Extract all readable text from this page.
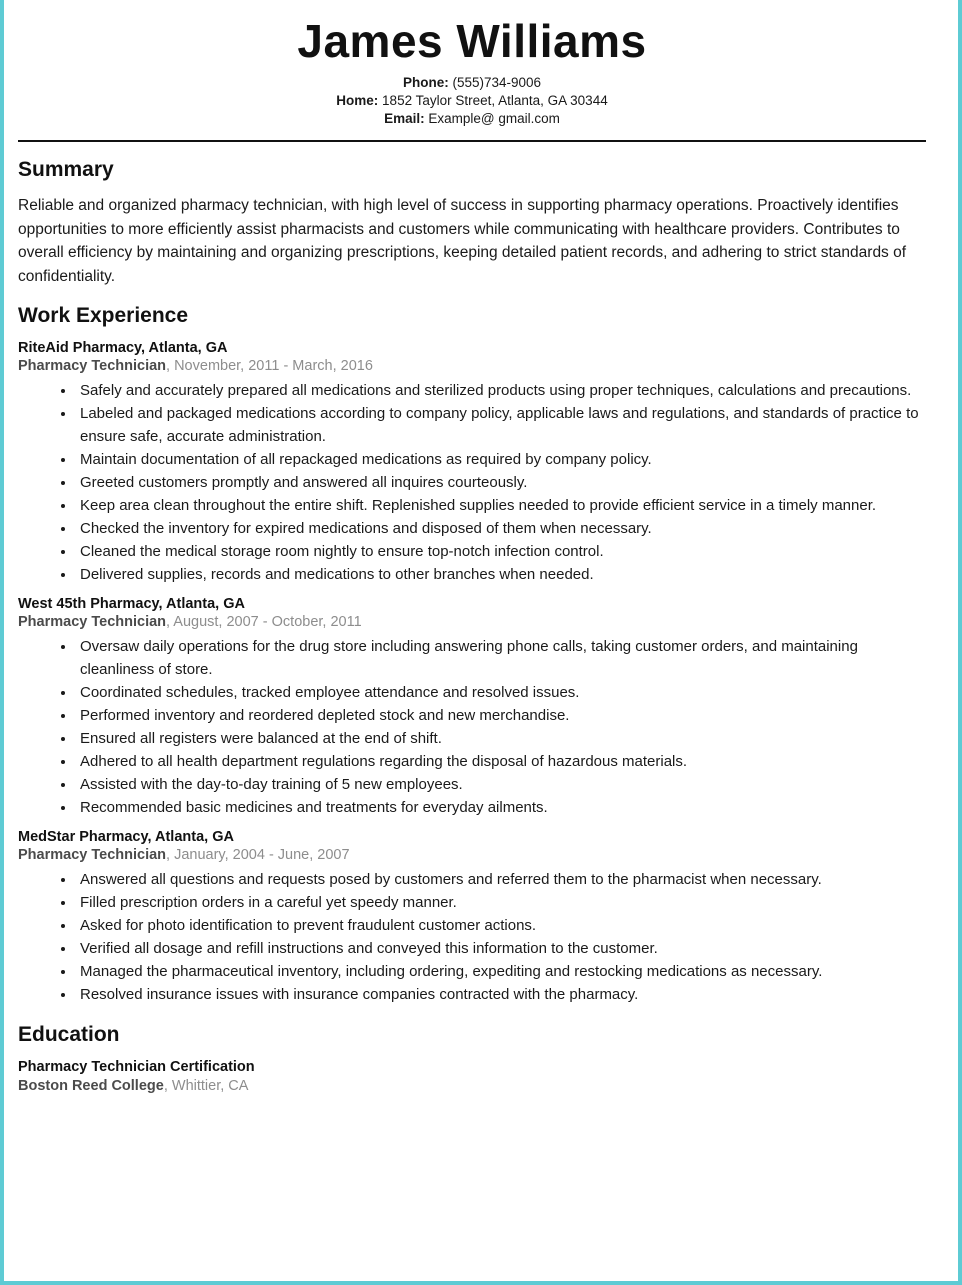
James Williams
Phone: (555)734-9006
Home: 1852 Taylor Street, Atlanta, GA 30344
Email: Example@ gmail.com
Summary

Reliable and organized pharmacy technician, with high level of success in supporting pharmacy operations. Proactively identifies opportunities to more efficiently assist pharmacists and customers while communicating with healthcare providers. Contributes to overall efficiency by maintaining and organizing prescriptions, keeping detailed patient records, and adhering to strict standards of confidentiality.

Work Experience
RiteAid Pharmacy, Atlanta, GA
Pharmacy Technician, November, 2011 - March, 2016
• Safely and accurately prepared all medications and sterilized products using proper techniques, calculations and precautions.
• Labeled and packaged medications according to company policy, applicable laws and regulations, and standards of practice to ensure safe, accurate administration.
• Maintain documentation of all repackaged medications as required by company policy.
• Greeted customers promptly and answered all inquires courteously.
• Keep area clean throughout the entire shift. Replenished supplies needed to provide efficient service in a timely manner.
• Checked the inventory for expired medications and disposed of them when necessary.
• Cleaned the medical storage room nightly to ensure top-notch infection control.
• Delivered supplies, records and medications to other branches when needed.
West 45th Pharmacy, Atlanta, GA
Pharmacy Technician, August, 2007 - October, 2011
• Oversaw daily operations for the drug store including answering phone calls, taking customer orders, and maintaining cleanliness of store.
• Coordinated schedules, tracked employee attendance and resolved issues.
• Performed inventory and reordered depleted stock and new merchandise.
• Ensured all registers were balanced at the end of shift.
• Adhered to all health department regulations regarding the disposal of hazardous materials.
• Assisted with the day-to-day training of 5 new employees.
• Recommended basic medicines and treatments for everyday ailments.
MedStar Pharmacy, Atlanta, GA
Pharmacy Technician, January, 2004 - June, 2007
• Answered all questions and requests posed by customers and referred them to the pharmacist when necessary.
• Filled prescription orders in a careful yet speedy manner.
• Asked for photo identification to prevent fraudulent customer actions.
• Verified all dosage and refill instructions and conveyed this information to the customer.
• Managed the pharmaceutical inventory, including ordering, expediting and restocking medications as necessary.
• Resolved insurance issues with insurance companies contracted with the pharmacy.
Education
Pharmacy Technician Certification
Boston Reed College, Whittier, CA
